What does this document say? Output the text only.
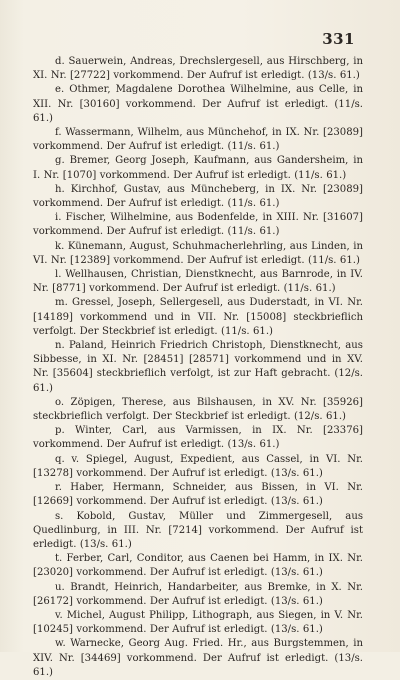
331

d. Sauerwein, Andreas, Drechslergesell, aus Hirschberg, in XI. Nr. [27722] vorkommend. Der Aufruf ist erledigt. (13/s. 61.)

e. Othmer, Magdalene Dorothea Wilhelmine, aus Celle, in XII. Nr. [30160] vorkommend. Der Aufruf ist erledigt. (11/s. 61.)

f. Wassermann, Wilhelm, aus Münchehof, in IX. Nr. [23089] vorkommend. Der Aufruf ist erledigt. (11/s. 61.)

g. Bremer, Georg Joseph, Kaufmann, aus Gandersheim, in I. Nr. [1070] vorkommend. Der Aufruf ist erledigt. (11/s. 61.)

h. Kirchhof, Gustav, aus Müncheberg, in IX. Nr. [23089] vorkommend. Der Aufruf ist erledigt. (11/s. 61.)

i. Fischer, Wilhelmine, aus Bodenfelde, in XIII. Nr. [31607] vorkommend. Der Aufruf ist erledigt. (11/s. 61.)

k. Künemann, August, Schuhmacherlehrling, aus Linden, in VI. Nr. [12389] vorkommend. Der Aufruf ist erledigt. (11/s. 61.)

l. Wellhausen, Christian, Dienstknecht, aus Barnrode, in IV. Nr. [8771] vorkommend. Der Aufruf ist erledigt. (11/s. 61.)

m. Gressel, Joseph, Sellergesell, aus Duderstadt, in VI. Nr. [14189] vorkommend und in VII. Nr. [15008] steckbrieflich verfolgt. Der Steckbrief ist erledigt. (11/s. 61.)

n. Paland, Heinrich Friedrich Christoph, Dienstknecht, aus Sibbesse, in XI. Nr. [28451] [28571] vorkommend und in XV. Nr. [35604] steckbrieflich verfolgt, ist zur Haft gebracht. (12/s. 61.)

o. Zöpigen, Therese, aus Bilshausen, in XV. Nr. [35926] steckbrieflich verfolgt. Der Steckbrief ist erledigt. (12/s. 61.)

p. Winter, Carl, aus Varmissen, in IX. Nr. [23376] vorkommend. Der Aufruf ist erledigt. (13/s. 61.)

q. v. Spiegel, August, Expedient, aus Cassel, in VI. Nr. [13278] vorkommend. Der Aufruf ist erledigt. (13/s. 61.)

r. Haber, Hermann, Schneider, aus Bissen, in VI. Nr. [12669] vorkommend. Der Aufruf ist erledigt. (13/s. 61.)

s. Kobold, Gustav, Müller und Zimmergesell, aus Quedlinburg, in III. Nr. [7214] vorkommend. Der Aufruf ist erledigt. (13/s. 61.)

t. Ferber, Carl, Conditor, aus Caenen bei Hamm, in IX. Nr. [23020] vorkommend. Der Aufruf ist erledigt. (13/s. 61.)

u. Brandt, Heinrich, Handarbeiter, aus Bremke, in X. Nr. [26172] vorkommend. Der Aufruf ist erledigt. (13/s. 61.)

v. Michel, August Philipp, Lithograph, aus Siegen, in V. Nr. [10245] vorkommend. Der Aufruf ist erledigt. (13/s. 61.)

w. Warnecke, Georg Aug. Fried. Hr., aus Burgstemmen, in XIV. Nr. [34469] vorkommend. Der Aufruf ist erledigt. (13/s. 61.)
